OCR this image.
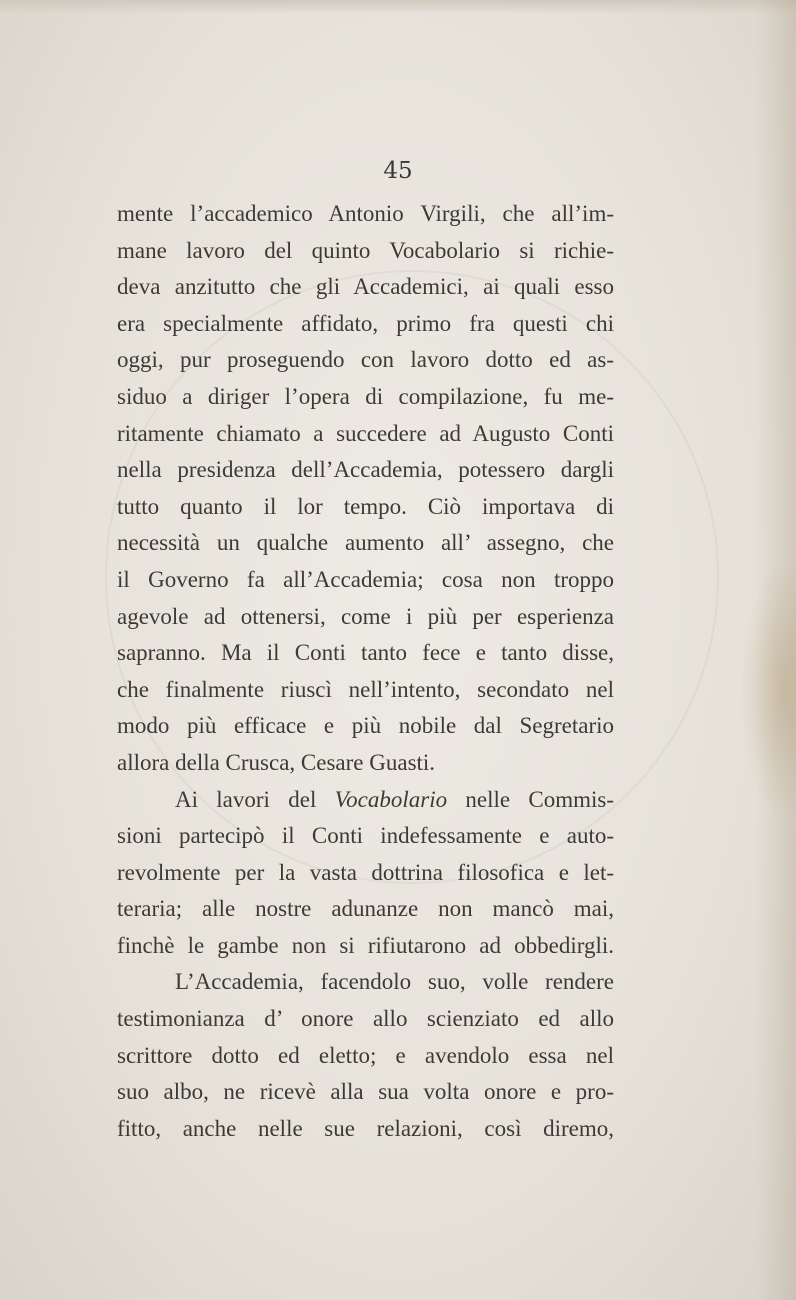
45
mente l’accademico Antonio Virgili, che all’im-
mane lavoro del quinto Vocabolario si richie-
deva anzitutto che gli Accademici, ai quali esso
era specialmente affidato, primo fra questi chi
oggi, pur proseguendo con lavoro dotto ed as-
siduo a diriger l’opera di compilazione, fu me-
ritamente chiamato a succedere ad Augusto Conti
nella presidenza dell’Accademia, potessero dargli
tutto quanto il lor tempo. Ciò importava di
necessità un qualche aumento all’ assegno, che
il Governo fa all’Accademia; cosa non troppo
agevole ad ottenersi, come i più per esperienza
sapranno. Ma il Conti tanto fece e tanto disse,
che finalmente riuscì nell’intento, secondato nel
modo più efficace e più nobile dal Segretario
allora della Crusca, Cesare Guasti.
Ai lavori del Vocabolario nelle Commis-
sioni partecipò il Conti indefessamente e auto-
revolmente per la vasta dottrina filosofica e let-
teraria; alle nostre adunanze non mancò mai,
finchè le gambe non si rifiutarono ad obbedirgli.
L’Accademia, facendolo suo, volle rendere
testimonianza d’ onore allo scienziato ed allo
scrittore dotto ed eletto; e avendolo essa nel
suo albo, ne ricevè alla sua volta onore e pro-
fitto, anche nelle sue relazioni, così diremo,
